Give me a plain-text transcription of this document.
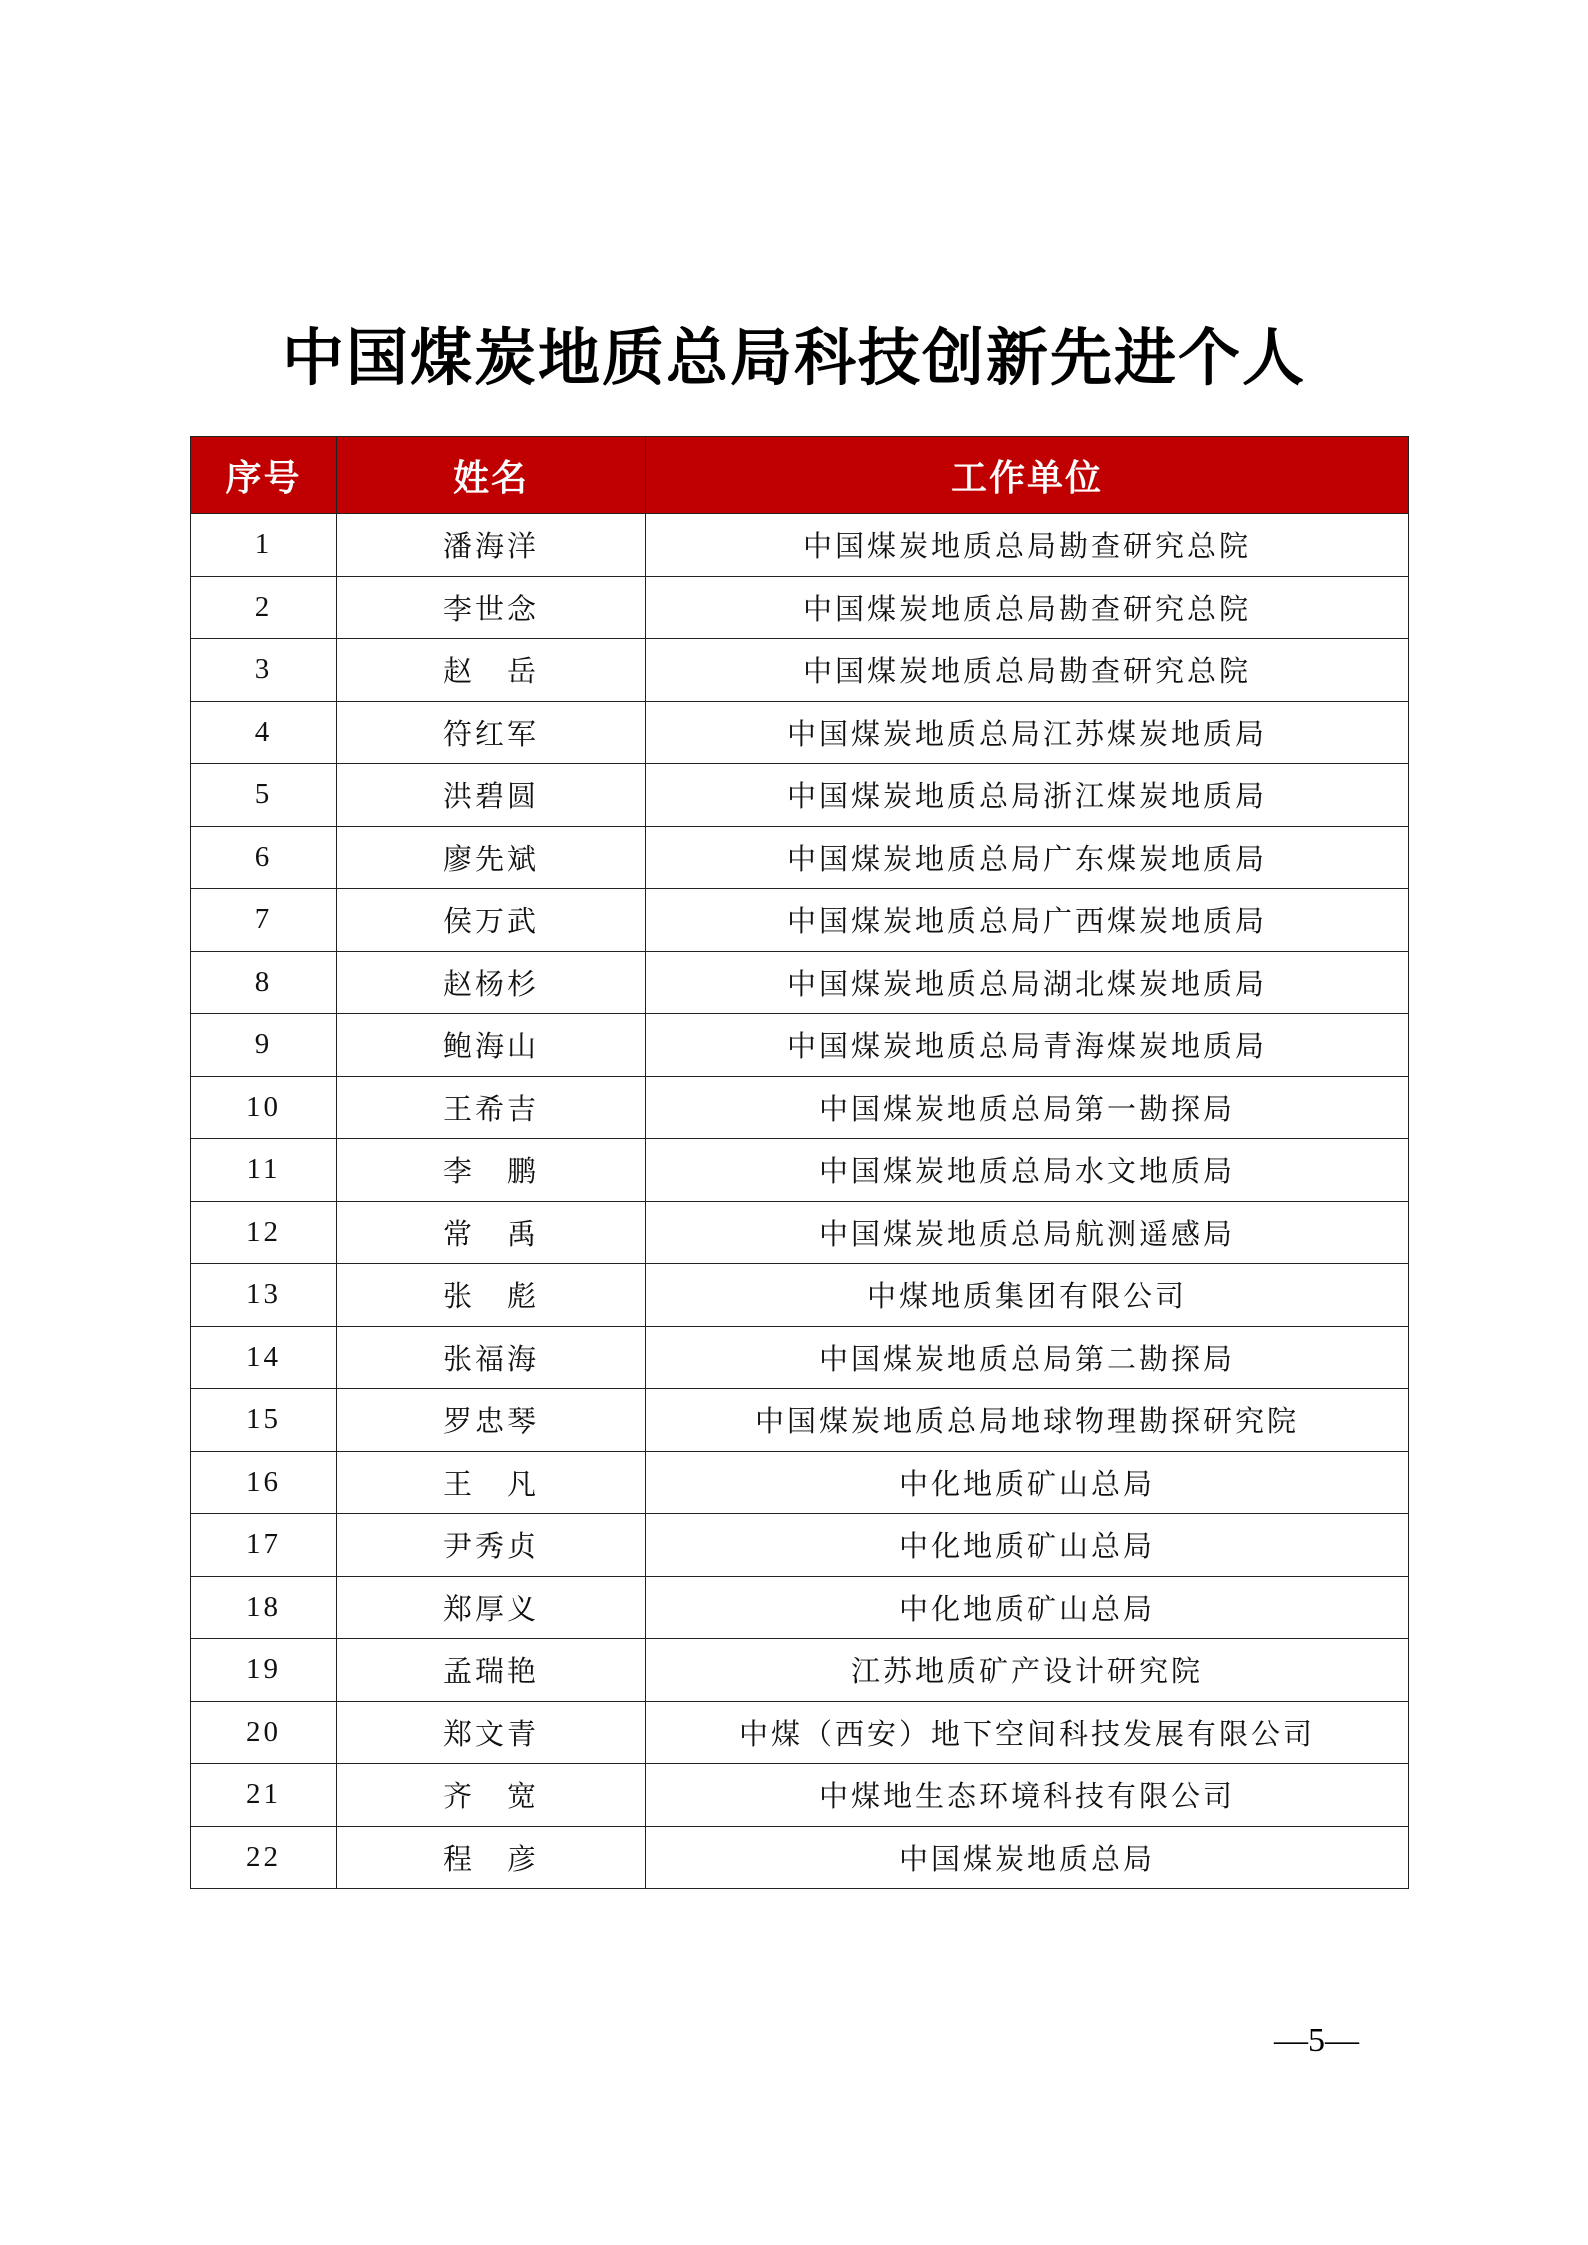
中国煤炭地质总局科技创新先进个人
序号	姓名	工作单位
1	潘海洋	中国煤炭地质总局勘查研究总院
2	李世念	中国煤炭地质总局勘查研究总院
3	赵　岳	中国煤炭地质总局勘查研究总院
4	符红军	中国煤炭地质总局江苏煤炭地质局
5	洪碧圆	中国煤炭地质总局浙江煤炭地质局
6	廖先斌	中国煤炭地质总局广东煤炭地质局
7	侯万武	中国煤炭地质总局广西煤炭地质局
8	赵杨杉	中国煤炭地质总局湖北煤炭地质局
9	鲍海山	中国煤炭地质总局青海煤炭地质局
10	王希吉	中国煤炭地质总局第一勘探局
11	李　鹏	中国煤炭地质总局水文地质局
12	常　禹	中国煤炭地质总局航测遥感局
13	张　彪	中煤地质集团有限公司
14	张福海	中国煤炭地质总局第二勘探局
15	罗忠琴	中国煤炭地质总局地球物理勘探研究院
16	王　凡	中化地质矿山总局
17	尹秀贞	中化地质矿山总局
18	郑厚义	中化地质矿山总局
19	孟瑞艳	江苏地质矿产设计研究院
20	郑文青	中煤（西安）地下空间科技发展有限公司
21	齐　宽	中煤地生态环境科技有限公司
22	程　彦	中国煤炭地质总局
—5—
